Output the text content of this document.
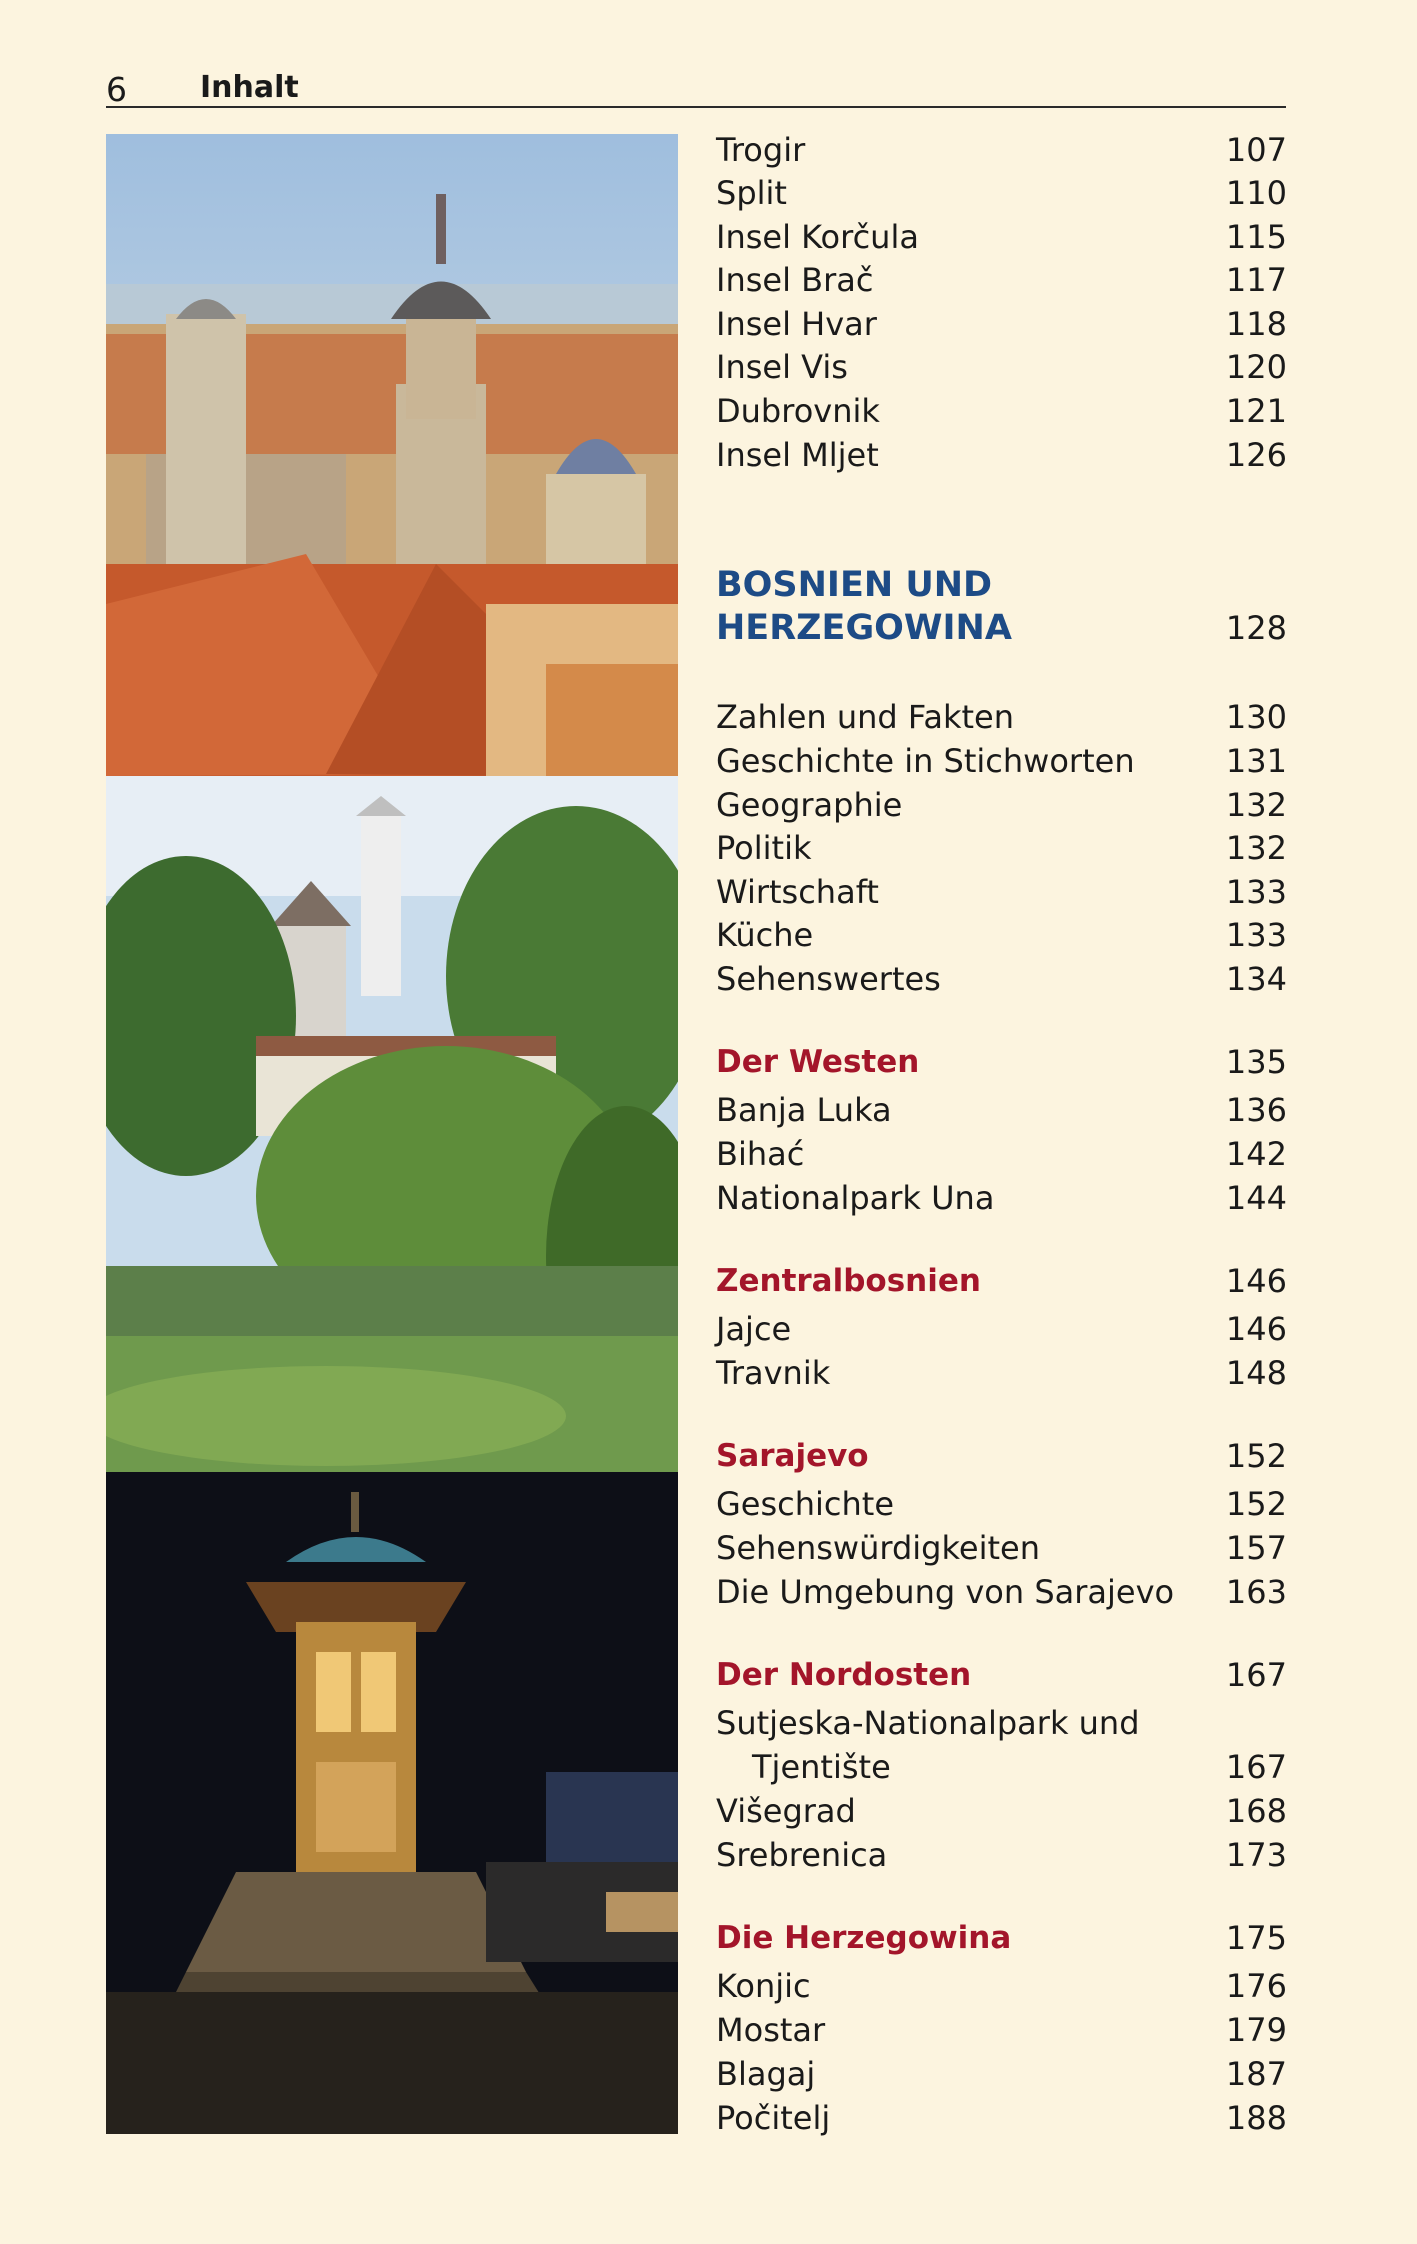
6 Inhalt
Trogir	107
Split	110
Insel Korčula	115
Insel Brač	117
Insel Hvar	118
Insel Vis	120
Dubrovnik	121
Insel Mljet	126
BOSNIEN UND
HERZEGOWINA	128
Zahlen und Fakten	130
Geschichte in Stichworten	131
Geographie	132
Politik	132
Wirtschaft	133
Küche	133
Sehenswertes	134
Der Westen	135
Banja Luka	136
Bihać	142
Nationalpark Una	144
Zentralbosnien	146
Jajce	146
Travnik	148
Sarajevo	152
Geschichte	152
Sehenswürdigkeiten	157
Die Umgebung von Sarajevo 163
Der Nordosten	167
Sutjeska-Nationalpark und
Tjentište	167
Višegrad	168
Srebrenica	173
Die Herzegowina	175
Konjic	176
Mostar	179
Blagaj	187
Počitelj	188
